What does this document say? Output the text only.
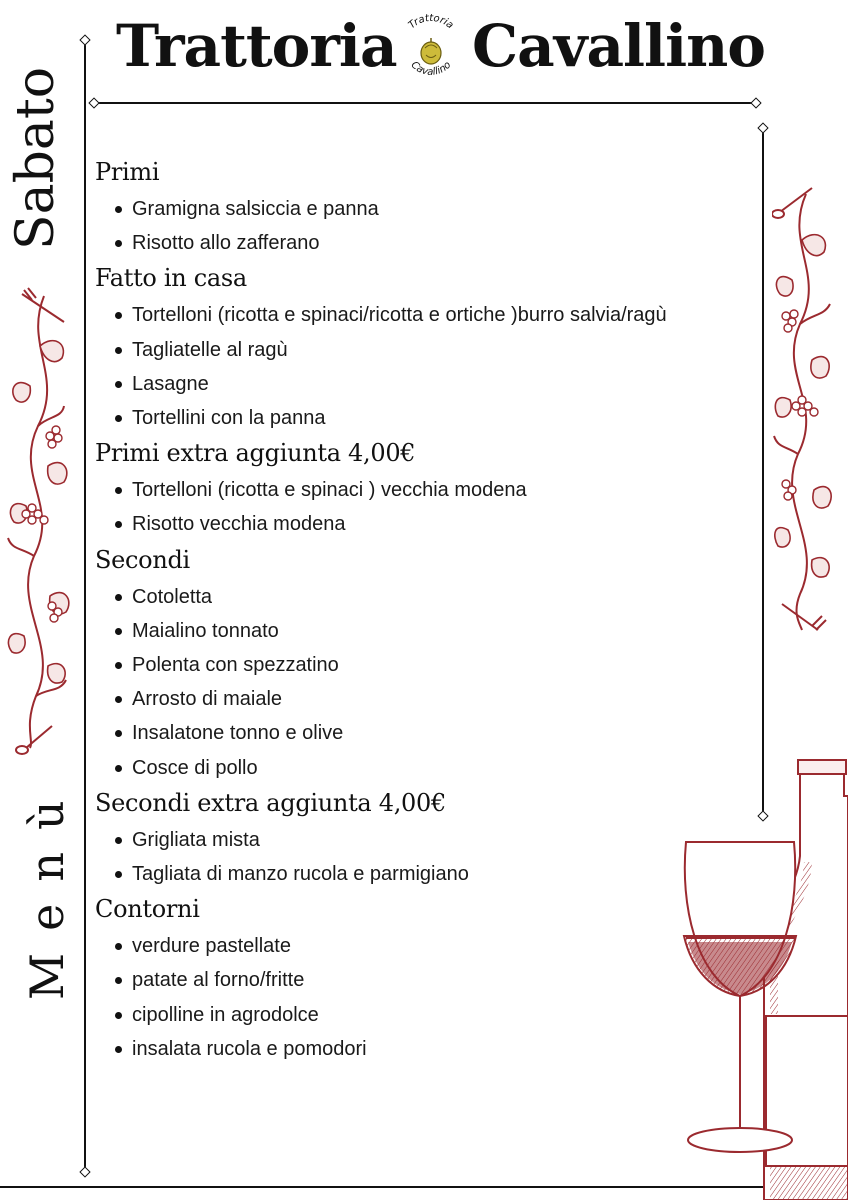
Trattoria Trattoria
Cavallino Cavallino
Sabato
Menù
Primi
Gramigna salsiccia e panna
Risotto allo zafferano
Fatto in casa
Tortelloni (ricotta e spinaci/ricotta e ortiche )burro salvia/ragù
Tagliatelle al ragù
Lasagne
Tortellini con la panna
Primi extra aggiunta 4,00€
Tortelloni (ricotta e spinaci ) vecchia modena
Risotto vecchia modena
Secondi
Cotoletta
Maialino tonnato
Polenta con spezzatino
Arrosto di maiale
Insalatone tonno e olive
Cosce di pollo
Secondi extra aggiunta 4,00€
Grigliata mista
Tagliata di manzo rucola e parmigiano
Contorni
verdure pastellate
patate al forno/fritte
cipolline in agrodolce
insalata rucola e pomodori
